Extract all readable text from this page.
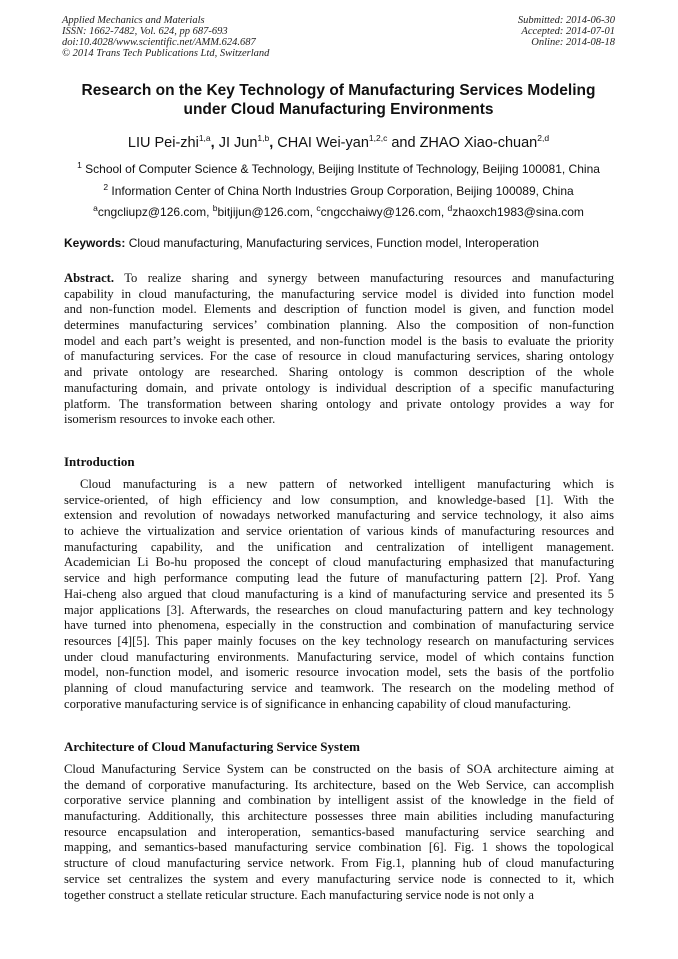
Applied Mechanics and Materials
ISSN: 1662-7482, Vol. 624, pp 687-693
doi:10.4028/www.scientific.net/AMM.624.687
© 2014 Trans Tech Publications Ltd, Switzerland
Submitted: 2014-06-30
Accepted: 2014-07-01
Online: 2014-08-18
Research on the Key Technology of Manufacturing Services Modeling
under Cloud Manufacturing Environments
LIU Pei-zhi$^{1,a}$, JI Jun$^{1,b}$, CHAI Wei-yan$^{1,2,c}$ and ZHAO Xiao-chuan$^{2,d}$
$^1$ School of Computer Science & Technology, Beijing Institute of Technology, Beijing 100081, China
$^2$ Information Center of China North Industries Group Corporation, Beijing 100089, China
$^a$cngcliupz@126.com, $^b$bitjijun@126.com, $^c$cngcchaiwy@126.com, $^d$zhaoxch1983@sina.com
Keywords: Cloud manufacturing, Manufacturing services, Function model, Interoperation
Abstract. To realize sharing and synergy between manufacturing resources and manufacturing
capability in cloud manufacturing, the manufacturing service model is divided into function model
and non-function model. Elements and description of function model is given, and function model
determines manufacturing services’ combination planning. Also the composition of non-function
model and each part’s weight is presented, and non-function model is the basis to evaluate the priority
of manufacturing services. For the case of resource in cloud manufacturing services, sharing ontology
and private ontology are researched. Sharing ontology is common description of the whole
manufacturing domain, and private ontology is individual description of a specific manufacturing
platform. The transformation between sharing ontology and private ontology provides a way for
isomerism resources to invoke each other.
Introduction
Cloud manufacturing is a new pattern of networked intelligent manufacturing which is
service-oriented, of high efficiency and low consumption, and knowledge-based [1]. With the
extension and revolution of nowadays networked manufacturing and service technology, it also aims
to achieve the virtualization and service orientation of various kinds of manufacturing resources and
manufacturing capability, and the unification and centralization of intelligent management.
Academician Li Bo-hu proposed the concept of cloud manufacturing emphasized that manufacturing
service and high performance computing lead the future of manufacturing pattern [2]. Prof. Yang
Hai-cheng also argued that cloud manufacturing is a kind of manufacturing service and presented its 5
major applications [3]. Afterwards, the researches on cloud manufacturing pattern and key technology
have turned into phenomena, especially in the construction and combination of manufacturing service
resources [4][5]. This paper mainly focuses on the key technology research on manufacturing services
under cloud manufacturing environments. Manufacturing service, model of which contains function
model, non-function model, and isomeric resource invocation model, sets the basis of the portfolio
planning of cloud manufacturing service and teamwork. The research on the modeling method of
corporative manufacturing service is of significance in enhancing capability of cloud manufacturing.
Architecture of Cloud Manufacturing Service System
Cloud Manufacturing Service System can be constructed on the basis of SOA architecture aiming at
the demand of corporative manufacturing. Its architecture, based on the Web Service, can accomplish
corporative service planning and combination by intelligent assist of the knowledge in the field of
manufacturing. Additionally, this architecture possesses three main abilities including manufacturing
resource encapsulation and interoperation, semantics-based manufacturing service searching and
mapping, and semantics-based manufacturing service combination [6]. Fig. 1 shows the topological
structure of cloud manufacturing service network. From Fig.1, planning hub of cloud manufacturing
service set centralizes the system and every manufacturing service node is connected to it, which
together construct a stellate reticular structure. Each manufacturing service node is not only a
